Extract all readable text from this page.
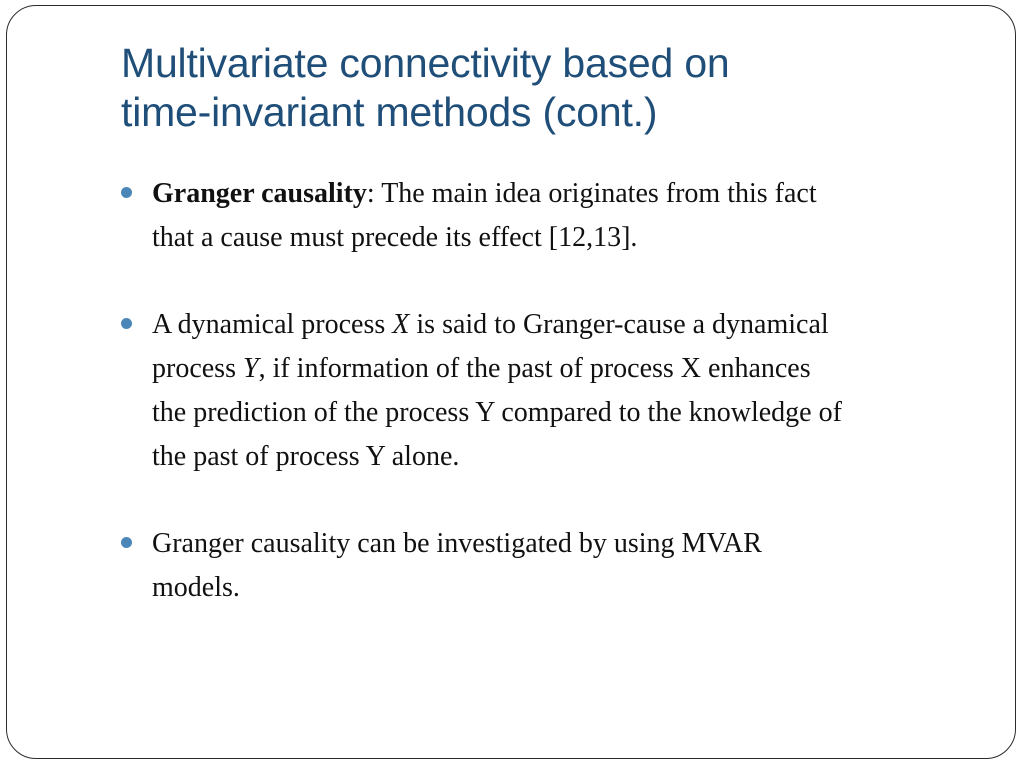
Multivariate connectivity based on
time-invariant methods (cont.)
Granger causality: The main idea originates from this fact
that a cause must precede its effect [12,13].
A dynamical process X is said to Granger-cause a dynamical
process Y, if information of the past of process X enhances
the prediction of the process Y compared to the knowledge of
the past of process Y alone.
Granger causality can be investigated by using MVAR
models.
